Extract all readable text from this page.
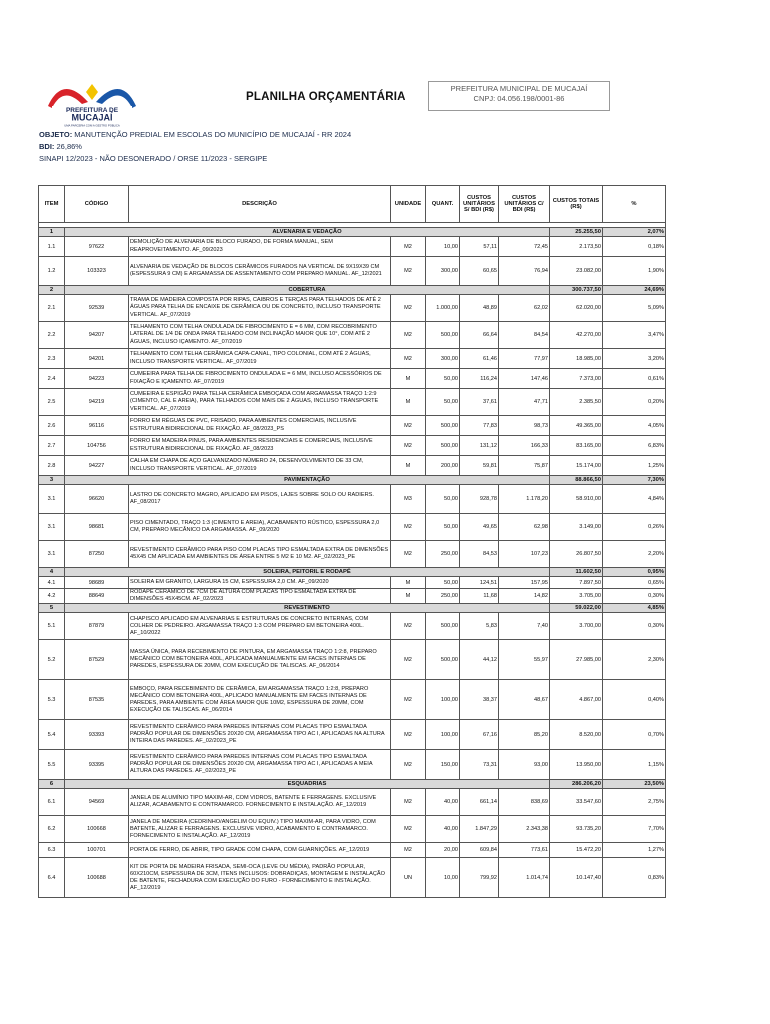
PREFEITURA DE
MUCAJAÍ
UMA PARCERIA COM A GESTÃO PÚBLICA
PLANILHA ORÇAMENTÁRIA
PREFEITURA MUNICIPAL DE MUCAJAÍ
CNPJ: 04.056.198/0001-86
OBJETO: MANUTENÇÃO PREDIAL EM ESCOLAS DO MUNICÍPIO DE MUCAJAÍ - RR 2024
BDI: 26,86%
SINAPI 12/2023 - NÃO DESONERADO / ORSE 11/2023 - SERGIPE
ITEM	CÓDIGO	DESCRIÇÃO	UNIDADE	QUANT.	CUSTOS UNITÁRIOS S/ BDI (R$)	CUSTOS UNITÁRIOS C/ BDI (R$)	CUSTOS TOTAIS (R$)	%

1	ALVENARIA E VEDAÇÃO						25.255,50	2,07%
1.1	97622	DEMOLIÇÃO DE ALVENARIA DE BLOCO FURADO, DE FORMA MANUAL, SEM REAPROVEITAMENTO. AF_09/2023	M2	10,00	57,11	72,45	2.173,50	0,18%
1.2	103323	ALVENARIA DE VEDAÇÃO DE BLOCOS CERÂMICOS FURADOS NA VERTICAL DE 9X19X39 CM (ESPESSURA 9 CM) E ARGAMASSA DE ASSENTAMENTO COM PREPARO MANUAL. AF_12/2021	M2	300,00	60,65	76,94	23.082,00	1,90%
2	COBERTURA						300.737,50	24,69%
2.1	92539	TRAMA DE MADEIRA COMPOSTA POR RIPAS, CAIBROS E TERÇAS PARA TELHADOS DE ATÉ 2 ÁGUAS PARA TELHA DE ENCAIXE DE CERÂMICA OU DE CONCRETO, INCLUSO TRANSPORTE VERTICAL. AF_07/2019	M2	1.000,00	48,89	62,02	62.020,00	5,09%
2.2	94207	TELHAMENTO COM TELHA ONDULADA DE FIBROCIMENTO E = 6 MM, COM RECOBRIMENTO LATERAL DE 1/4 DE ONDA PARA TELHADO COM INCLINAÇÃO MAIOR QUE 10°, COM ATÉ 2 ÁGUAS, INCLUSO IÇAMENTO. AF_07/2019	M2	500,00	66,64	84,54	42.270,00	3,47%
2.3	94201	TELHAMENTO COM TELHA CERÂMICA CAPA-CANAL, TIPO COLONIAL, COM ATÉ 2 ÁGUAS, INCLUSO TRANSPORTE VERTICAL. AF_07/2019	M2	300,00	61,46	77,97	18.985,00	3,20%
2.4	94223	CUMEEIRA PARA TELHA DE FIBROCIMENTO ONDULADA E = 6 MM, INCLUSO ACESSÓRIOS DE FIXAÇÃO E IÇAMENTO. AF_07/2019	M	50,00	116,24	147,46	7.373,00	0,61%
2.5	94219	CUMEEIRA E ESPIGÃO PARA TELHA CERÂMICA EMBOÇADA COM ARGAMASSA TRAÇO 1:2:9 (CIMENTO, CAL E AREIA), PARA TELHADOS COM MAIS DE 2 ÁGUAS, INCLUSO TRANSPORTE VERTICAL. AF_07/2019	M	50,00	37,61	47,71	2.385,50	0,20%
2.6	96116	FORRO EM RÉGUAS DE PVC, FRISADO, PARA AMBIENTES COMERCIAIS, INCLUSIVE ESTRUTURA BIDIRECIONAL DE FIXAÇÃO. AF_08/2023_PS	M2	500,00	77,83	98,73	49.365,00	4,05%
2.7	104756	FORRO EM MADEIRA PINUS, PARA AMBIENTES RESIDENCIAIS E COMERCIAIS, INCLUSIVE ESTRUTURA BIDIRECIONAL DE FIXAÇÃO. AF_08/2023	M2	500,00	131,12	166,33	83.165,00	6,83%
2.8	94227	CALHA EM CHAPA DE AÇO GALVANIZADO NÚMERO 24, DESENVOLVIMENTO DE 33 CM, INCLUSO TRANSPORTE VERTICAL. AF_07/2019	M	200,00	59,81	75,87	15.174,00	1,25%
3	PAVIMENTAÇÃO						88.866,50	7,30%
3.1	96620	LASTRO DE CONCRETO MAGRO, APLICADO EM PISOS, LAJES SOBRE SOLO OU RADIERS. AF_08/2017	M3	50,00	928,78	1.178,20	58.910,00	4,84%
3.1	98681	PISO CIMENTADO, TRAÇO 1:3 (CIMENTO E AREIA), ACABAMENTO RÚSTICO, ESPESSURA 2,0 CM, PREPARO MECÂNICO DA ARGAMASSA. AF_09/2020	M2	50,00	49,65	62,98	3.149,00	0,26%
3.1	87250	REVESTIMENTO CERÂMICO PARA PISO COM PLACAS TIPO ESMALTADA EXTRA DE DIMENSÕES 45X45 CM APLICADA EM AMBIENTES DE ÁREA ENTRE 5 M2 E 10 M2. AF_02/2023_PE	M2	250,00	84,53	107,23	26.807,50	2,20%
4	SOLEIRA, PEITORIL E RODAPÉ						11.602,50	0,95%
4.1	98689	SOLEIRA EM GRANITO, LARGURA 15 CM, ESPESSURA 2,0 CM. AF_09/2020	M	50,00	124,51	157,95	7.897,50	0,65%
4.2	88649	RODAPÉ CERÂMICO DE 7CM DE ALTURA COM PLACAS TIPO ESMALTADA EXTRA DE DIMENSÕES 45X45CM. AF_02/2023	M	250,00	11,68	14,82	3.705,00	0,30%
5	REVESTIMENTO						59.022,00	4,85%
5.1	87879	CHAPISCO APLICADO EM ALVENARIAS E ESTRUTURAS DE CONCRETO INTERNAS, COM COLHER DE PEDREIRO. ARGAMASSA TRAÇO 1:3 COM PREPARO EM BETONEIRA 400L. AF_10/2022	M2	500,00	5,83	7,40	3.700,00	0,30%
5.2	87529	MASSA ÚNICA, PARA RECEBIMENTO DE PINTURA, EM ARGAMASSA TRAÇO 1:2:8, PREPARO MECÂNICO COM BETONEIRA 400L, APLICADA MANUALMENTE EM FACES INTERNAS DE PAREDES, ESPESSURA DE 20MM, COM EXECUÇÃO DE TALISCAS. AF_06/2014	M2	500,00	44,12	55,97	27.985,00	2,30%
5.3	87535	EMBOÇO, PARA RECEBIMENTO DE CERÂMICA, EM ARGAMASSA TRAÇO 1:2:8, PREPARO MECÂNICO COM BETONEIRA 400L, APLICADO MANUALMENTE EM FACES INTERNAS DE PAREDES, PARA AMBIENTE COM ÁREA MAIOR QUE 10M2, ESPESSURA DE 20MM, COM EXECUÇÃO DE TALISCAS. AF_06/2014	M2	100,00	38,37	48,67	4.867,00	0,40%
5.4	93393	REVESTIMENTO CERÂMICO PARA PAREDES INTERNAS COM PLACAS TIPO ESMALTADA PADRÃO POPULAR DE DIMENSÕES 20X20 CM, ARGAMASSA TIPO AC I, APLICADAS NA ALTURA INTEIRA DAS PAREDES. AF_02/2023_PE	M2	100,00	67,16	85,20	8.520,00	0,70%
5.5	93395	REVESTIMENTO CERÂMICO PARA PAREDES INTERNAS COM PLACAS TIPO ESMALTADA PADRÃO POPULAR DE DIMENSÕES 20X20 CM, ARGAMASSA TIPO AC I, APLICADAS A MEIA ALTURA DAS PAREDES. AF_02/2023_PE	M2	150,00	73,31	93,00	13.950,00	1,15%
6	ESQUADRIAS						286.206,20	23,50%
6.1	94569	JANELA DE ALUMÍNIO TIPO MAXIM-AR, COM VIDROS, BATENTE E FERRAGENS. EXCLUSIVE ALIZAR, ACABAMENTO E CONTRAMARCO. FORNECIMENTO E INSTALAÇÃO. AF_12/2019	M2	40,00	661,14	838,69	33.547,60	2,75%
6.2	100668	JANELA DE MADEIRA (CEDRINHO/ANGELIM OU EQUIV.) TIPO MAXIM-AR, PARA VIDRO, COM BATENTE, ALIZAR E FERRAGENS. EXCLUSIVE VIDRO, ACABAMENTO E CONTRAMARCO. FORNECIMENTO E INSTALAÇÃO. AF_12/2019	M2	40,00	1.847,29	2.343,38	93.735,20	7,70%
6.3	100701	PORTA DE FERRO, DE ABRIR, TIPO GRADE COM CHAPA, COM GUARNIÇÕES. AF_12/2019	M2	20,00	609,84	773,61	15.472,20	1,27%
6.4	100688	KIT DE PORTA DE MADEIRA FRISADA, SEMI-OCA (LEVE OU MÉDIA), PADRÃO POPULAR, 60X210CM, ESPESSURA DE 3CM, ITENS INCLUSOS: DOBRADIÇAS, MONTAGEM E INSTALAÇÃO DE BATENTE, FECHADURA COM EXECUÇÃO DO FURO - FORNECIMENTO E INSTALAÇÃO. AF_12/2019	UN	10,00	799,92	1.014,74	10.147,40	0,83%
